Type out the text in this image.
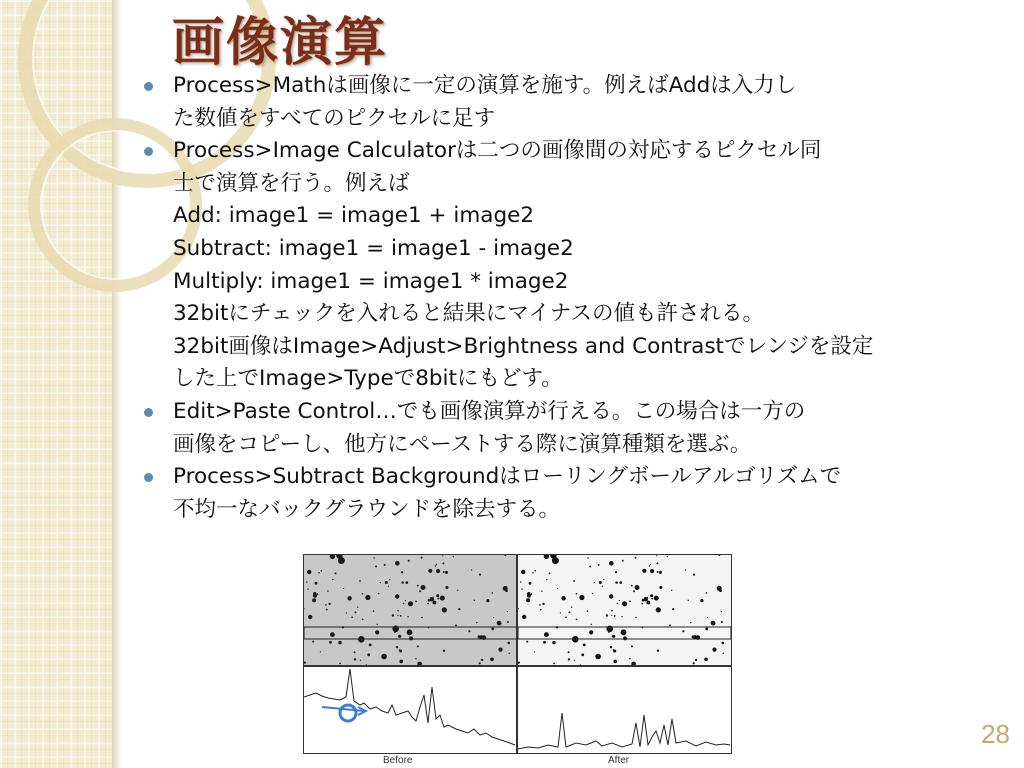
画像演算
Process>Mathは画像に一定の演算を施す。例えばAddは入力し
た数値をすべてのピクセルに足す
Process>Image Calculatorは二つの画像間の対応するピクセル同
士で演算を行う。例えば
Add: image1 = image1 + image2
Subtract: image1 = image1 - image2
Multiply: image1 = image1 * image2
32bitにチェックを入れると結果にマイナスの値も許される。
32bit画像はImage>Adjust>Brightness and Contrastでレンジを設定
した上でImage>Typeで8bitにもどす。
Edit>Paste Control…でも画像演算が行える。この場合は一方の
画像をコピーし、他方にペーストする際に演算種類を選ぶ。
Process>Subtract Backgroundはローリングボールアルゴリズムで
不均一なバックグラウンドを除去する。
Before	After
28
